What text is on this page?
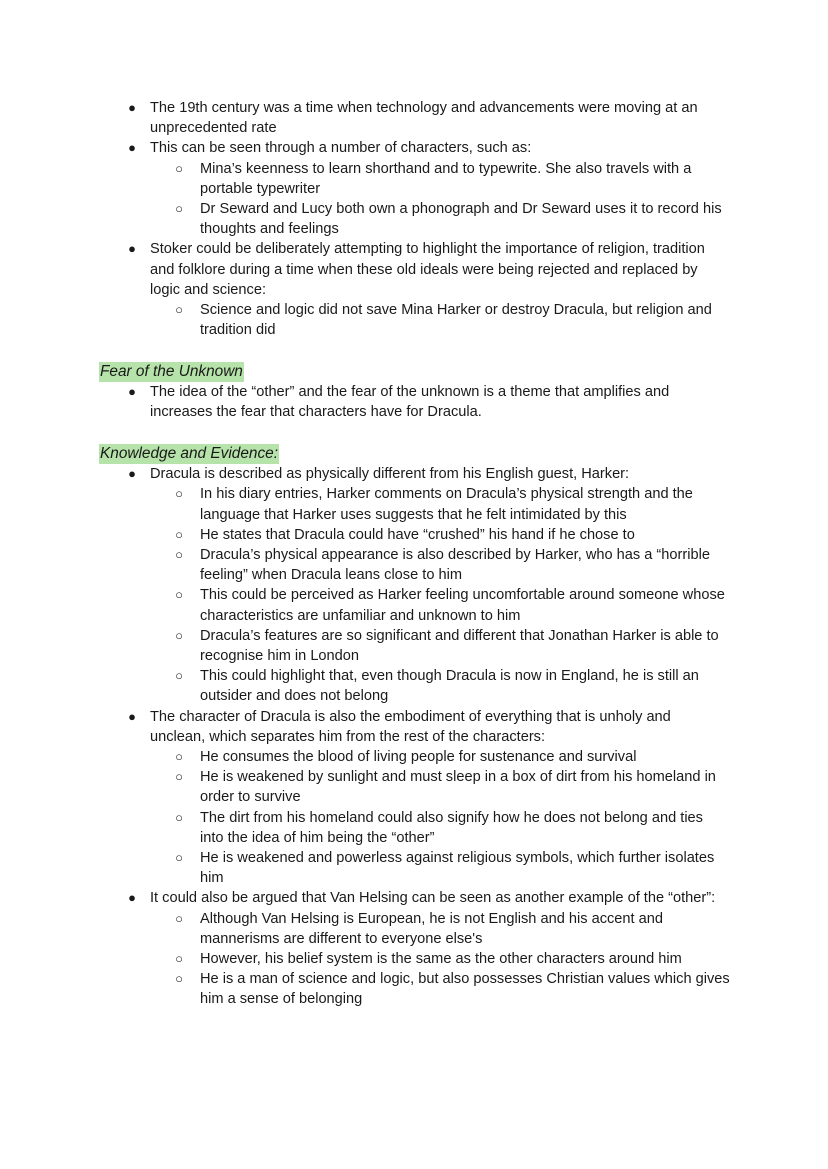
● The 19th century was a time when technology and advancements were moving at an unprecedented rate
● This can be seen through a number of characters, such as:
○ Mina’s keenness to learn shorthand and to typewrite. She also travels with a portable typewriter
○ Dr Seward and Lucy both own a phonograph and Dr Seward uses it to record his thoughts and feelings
● Stoker could be deliberately attempting to highlight the importance of religion, tradition and folklore during a time when these old ideals were being rejected and replaced by logic and science:
○ Science and logic did not save Mina Harker or destroy Dracula, but religion and tradition did
Fear of the Unknown
● The idea of the “other” and the fear of the unknown is a theme that amplifies and increases the fear that characters have for Dracula.
Knowledge and Evidence:
● Dracula is described as physically different from his English guest, Harker:
○ In his diary entries, Harker comments on Dracula’s physical strength and the language that Harker uses suggests that he felt intimidated by this
○ He states that Dracula could have “crushed” his hand if he chose to
○ Dracula’s physical appearance is also described by Harker, who has a “horrible feeling” when Dracula leans close to him
○ This could be perceived as Harker feeling uncomfortable around someone whose characteristics are unfamiliar and unknown to him
○ Dracula’s features are so significant and different that Jonathan Harker is able to recognise him in London
○ This could highlight that, even though Dracula is now in England, he is still an outsider and does not belong
● The character of Dracula is also the embodiment of everything that is unholy and unclean, which separates him from the rest of the characters:
○ He consumes the blood of living people for sustenance and survival
○ He is weakened by sunlight and must sleep in a box of dirt from his homeland in order to survive
○ The dirt from his homeland could also signify how he does not belong and ties into the idea of him being the “other”
○ He is weakened and powerless against religious symbols, which further isolates him
● It could also be argued that Van Helsing can be seen as another example of the “other”:
○ Although Van Helsing is European, he is not English and his accent and mannerisms are different to everyone else's
○ However, his belief system is the same as the other characters around him
○ He is a man of science and logic, but also possesses Christian values which gives him a sense of belonging
